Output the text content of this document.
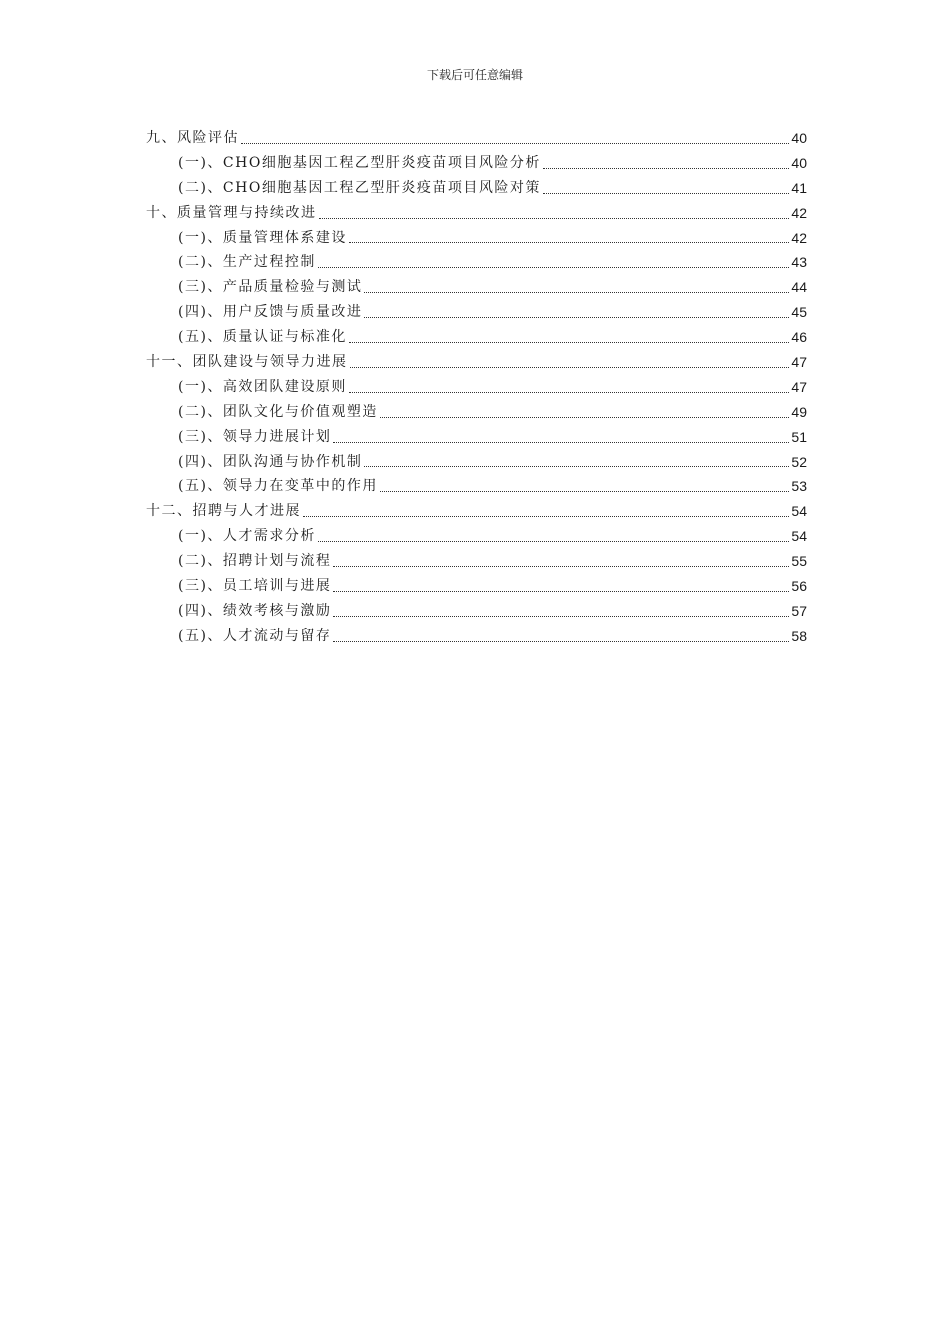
下载后可任意编辑
九、风险评估	40
(一)、CHO细胞基因工程乙型肝炎疫苗项目风险分析	40
(二)、CHO细胞基因工程乙型肝炎疫苗项目风险对策	41
十、质量管理与持续改进	42
(一)、质量管理体系建设	42
(二)、生产过程控制	43
(三)、产品质量检验与测试	44
(四)、用户反馈与质量改进	45
(五)、质量认证与标准化	46
十一、团队建设与领导力进展	47
(一)、高效团队建设原则	47
(二)、团队文化与价值观塑造	49
(三)、领导力进展计划	51
(四)、团队沟通与协作机制	52
(五)、领导力在变革中的作用	53
十二、招聘与人才进展	54
(一)、人才需求分析	54
(二)、招聘计划与流程	55
(三)、员工培训与进展	56
(四)、绩效考核与激励	57
(五)、人才流动与留存	58
